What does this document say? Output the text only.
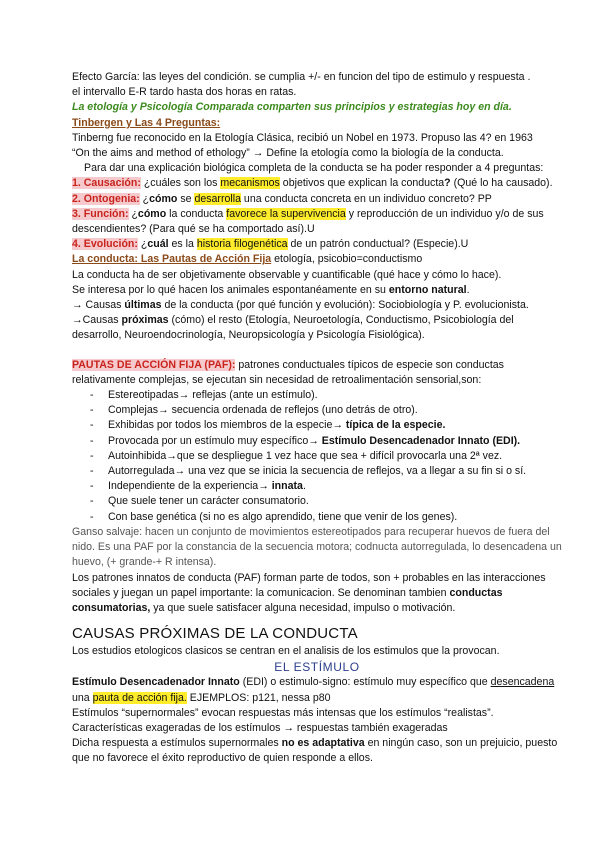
Efecto García: las leyes del condición. se cumplia +/- en funcion del tipo de estimulo y respuesta .

el intervallo E-R tardo hasta dos horas en ratas.

La etología y Psicología Comparada comparten sus principios y estrategias hoy en día.

Tinbergen y Las 4 Preguntas:

Tinberng fue reconocido en la Etología Clásica, recibió un Nobel en 1973. Propuso las 4? en 1963

“On the aims and method of ethology” → Define la etología como la biología de la conducta.

Para dar una explicación biológica completa de la conducta se ha poder responder a 4 preguntas:

1. Causación: ¿cuáles son los mecanismos objetivos que explican la conducta? (Qué lo ha causado).

2. Ontogenia: ¿cómo se desarrolla una conducta concreta en un individuo concreto? PP

3. Función: ¿cómo la conducta favorece la supervivencia y reproducción de un individuo y/o de sus descendientes? (Para qué se ha comportado así).U

4. Evolución: ¿cuál es la historia filogenética de un patrón conductual? (Especie).U

La conducta: Las Pautas de Acción Fija etología, psicobio=conductismo

La conducta ha de ser objetivamente observable y cuantificable (qué hace y cómo lo hace).

Se interesa por lo qué hacen los animales espontanéamente en su entorno natural.

→ Causas últimas de la conducta (por qué función y evolución): Sociobiología y P. evolucionista.

→Causas próximas (cómo) el resto (Etología, Neuroetología, Conductismo, Psicobiología del desarrollo, Neuroendocrinología, Neuropsicología y Psicología Fisiológica).

PAUTAS DE ACCIÓN FIJA (PAF): patrones conductuales típicos de especie son conductas relativamente complejas, se ejecutan sin necesidad de retroalimentación sensorial,son:

- Estereotipadas→ reflejas (ante un estímulo).
- Complejas→ secuencia ordenada de reflejos (uno detrás de otro).
- Exhibidas por todos los miembros de la especie→ típica de la especie.
- Provocada por un estímulo muy específico→ Estímulo Desencadenador Innato (EDI).
- Autoinhibida→que se despliegue 1 vez hace que sea + difícil provocarla una 2ª vez.
- Autorregulada→ una vez que se inicia la secuencia de reflejos, va a llegar a su fin si o sí.
- Independiente de la experiencia→ innata.
- Que suele tener un carácter consumatorio.
- Con base genética (si no es algo aprendido, tiene que venir de los genes).

Ganso salvaje: hacen un conjunto de movimientos estereotipados para recuperar huevos de fuera del nido. Es una PAF por la constancia de la secuencia motora; codnucta autorregulada, lo desencadena un huevo, (+ grande-+ R intensa).

Los patrones innatos de conducta (PAF) forman parte de todos, son + probables en las interacciones sociales y juegan un papel importante: la comunicacion. Se denominan tambien conductas consumatorias, ya que suele satisfacer alguna necesidad, impulso o motivación.

CAUSAS PRÓXIMAS DE LA CONDUCTA

Los estudios etologicos clasicos se centran en el analisis de los estimulos que la provocan.

EL ESTÍMULO

Estímulo Desencadenador Innato (EDI) o estimulo-signo: estímulo muy específico que desencadena una pauta de acción fija. EJEMPLOS: p121, nessa p80

Estímulos “supernormales” evocan respuestas más intensas que los estímulos “realistas”.

Características exageradas de los estímulos → respuestas también exageradas

Dicha respuesta a estímulos supernormales no es adaptativa en ningún caso, son un prejuicio, puesto que no favorece el éxito reproductivo de quien responde a ellos.
